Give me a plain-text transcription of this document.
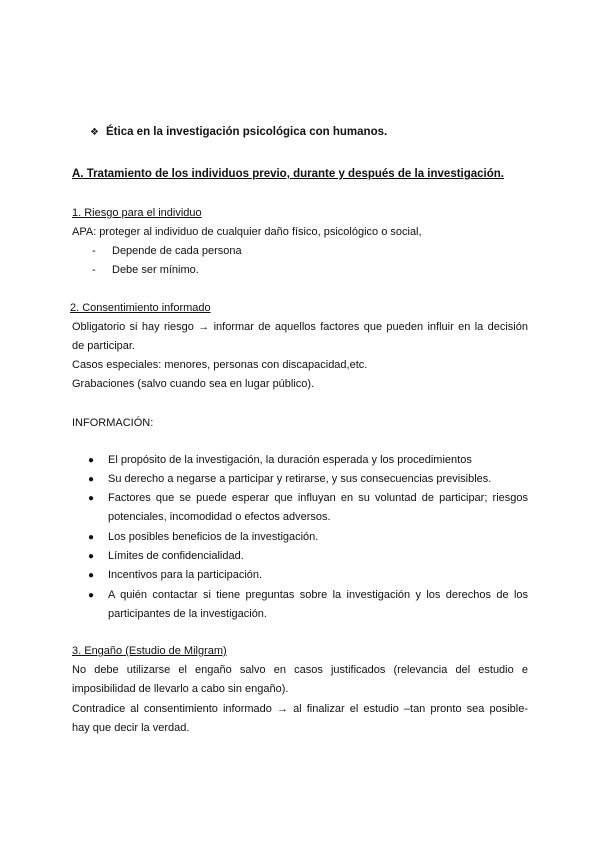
❖ Ética en la investigación psicológica con humanos.
A. Tratamiento de los individuos previo, durante y después de la investigación.
1. Riesgo para el individuo
APA: proteger al individuo de cualquier daño físico, psicológico o social,
- Depende de cada persona
- Debe ser mínimo.
2. Consentimiento informado
Obligatorio si hay riesgo → informar de aquellos factores que pueden influir en la decisión
de participar.
Casos especiales: menores, personas con discapacidad,etc.
Grabaciones (salvo cuando sea en lugar público).
INFORMACIÓN:
● El propósito de la investigación, la duración esperada y los procedimientos
● Su derecho a negarse a participar y retirarse, y sus consecuencias previsibles.
●	Factores que se puede esperar que influyan en su voluntad de participar; riesgos
potenciales, incomodidad o efectos adversos.
● Los posibles beneficios de la investigación.
● Límites de confidencialidad.
● Incentivos para la participación.
●	A quién contactar si tiene preguntas sobre la investigación y los derechos de los
participantes de la investigación.
3. Engaño (Estudio de Milgram)
No debe utilizarse el engaño salvo en casos justificados (relevancia del estudio e
imposibilidad de llevarlo a cabo sin engaño).
Contradice al consentimiento informado → al finalizar el estudio –tan pronto sea posible-
hay que decir la verdad.
